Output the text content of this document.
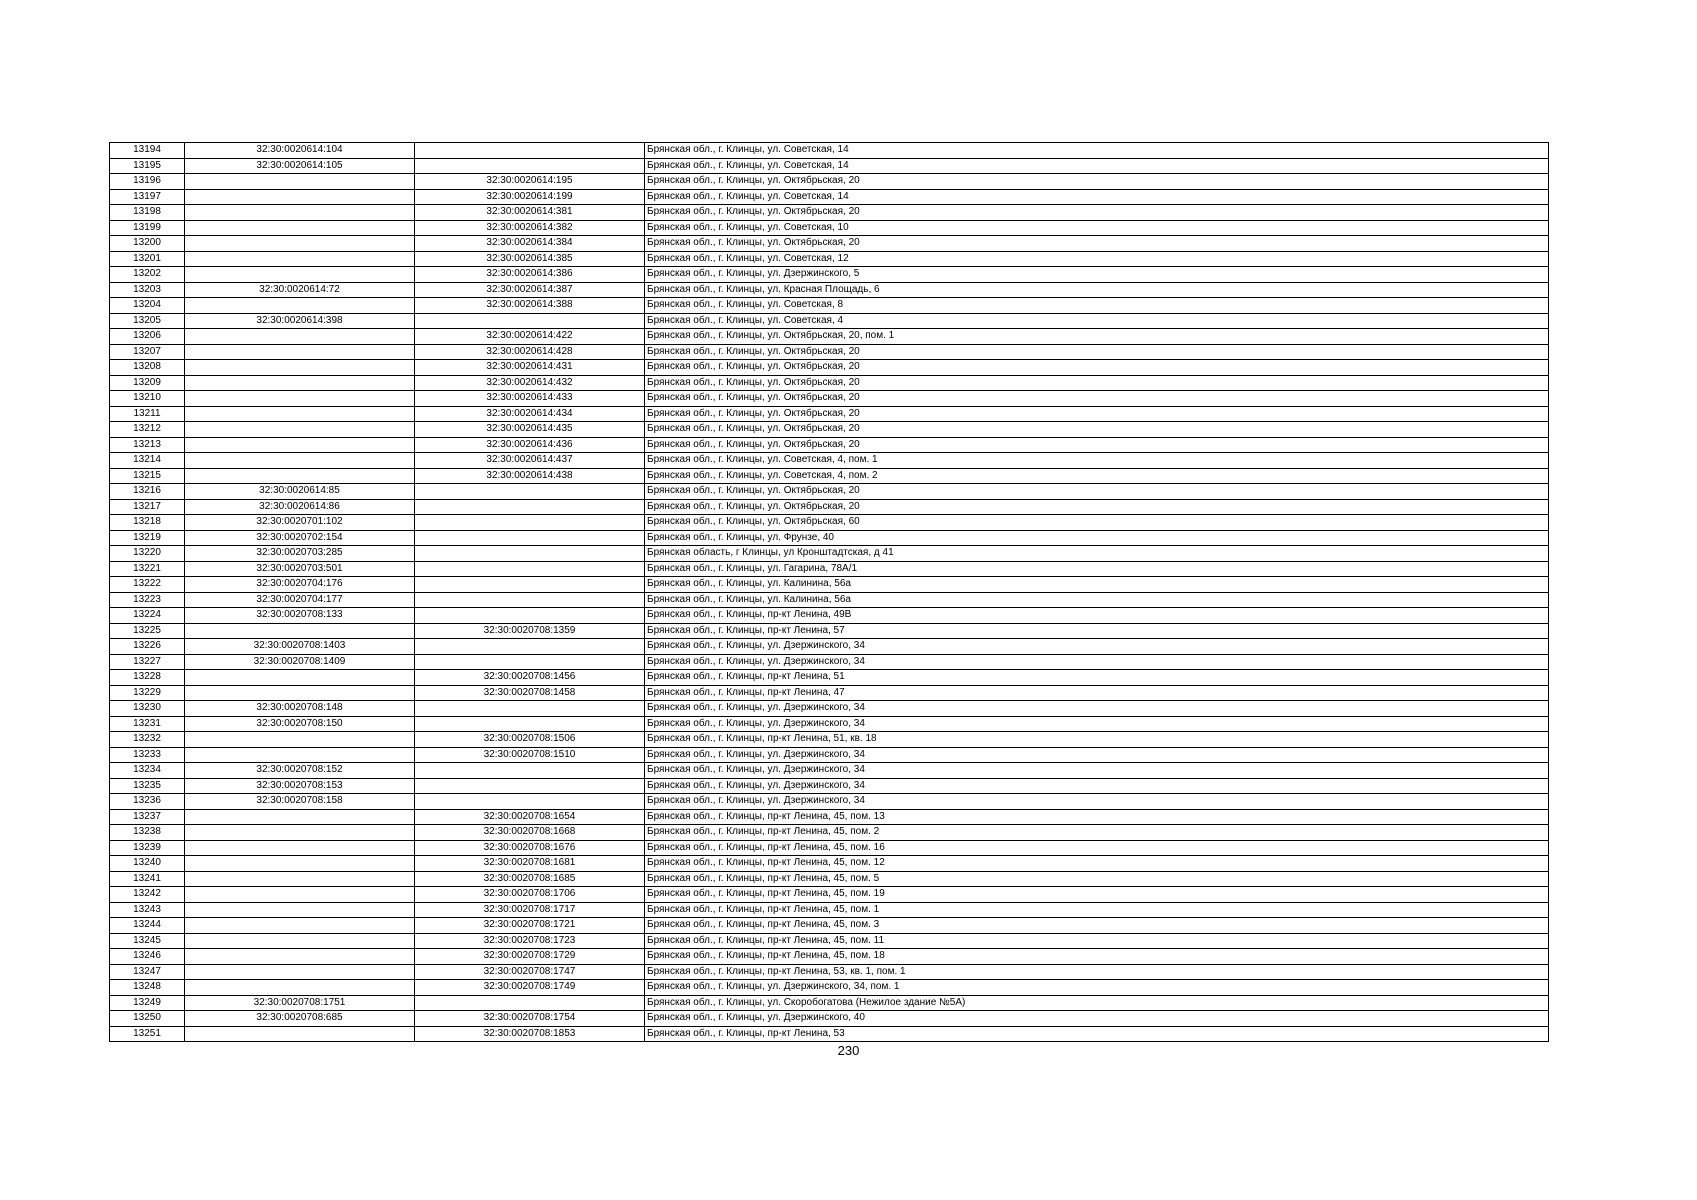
13194	32:30:0020614:104		Брянская обл., г. Клинцы, ул. Советская, 14
13195	32:30:0020614:105		Брянская обл., г. Клинцы, ул. Советская, 14
13196		32:30:0020614:195	Брянская обл., г. Клинцы, ул. Октябрьская, 20
13197		32:30:0020614:199	Брянская обл., г. Клинцы, ул. Советская, 14
13198		32:30:0020614:381	Брянская обл., г. Клинцы, ул. Октябрьская, 20
13199		32:30:0020614:382	Брянская обл., г. Клинцы, ул. Советская, 10
13200		32:30:0020614:384	Брянская обл., г. Клинцы, ул. Октябрьская, 20
13201		32:30:0020614:385	Брянская обл., г. Клинцы, ул. Советская, 12
13202		32:30:0020614:386	Брянская обл., г. Клинцы, ул. Дзержинского, 5
13203	32:30:0020614:72	32:30:0020614:387	Брянская обл., г. Клинцы, ул. Красная Площадь, 6
13204		32:30:0020614:388	Брянская обл., г. Клинцы, ул. Советская, 8
13205	32:30:0020614:398		Брянская обл., г. Клинцы, ул. Советская, 4
13206		32:30:0020614:422	Брянская обл., г. Клинцы, ул. Октябрьская, 20, пом. 1
13207		32:30:0020614:428	Брянская обл., г. Клинцы, ул. Октябрьская, 20
13208		32:30:0020614:431	Брянская обл., г. Клинцы, ул. Октябрьская, 20
13209		32:30:0020614:432	Брянская обл., г. Клинцы, ул. Октябрьская, 20
13210		32:30:0020614:433	Брянская обл., г. Клинцы, ул. Октябрьская, 20
13211		32:30:0020614:434	Брянская обл., г. Клинцы, ул. Октябрьская, 20
13212		32:30:0020614:435	Брянская обл., г. Клинцы, ул. Октябрьская, 20
13213		32:30:0020614:436	Брянская обл., г. Клинцы, ул. Октябрьская, 20
13214		32:30:0020614:437	Брянская обл., г. Клинцы, ул. Советская, 4, пом. 1
13215		32:30:0020614:438	Брянская обл., г. Клинцы, ул. Советская, 4, пом. 2
13216	32:30:0020614:85		Брянская обл., г. Клинцы, ул. Октябрьская, 20
13217	32:30:0020614:86		Брянская обл., г. Клинцы, ул. Октябрьская, 20
13218	32:30:0020701:102		Брянская обл., г. Клинцы, ул. Октябрьская, 60
13219	32:30:0020702:154		Брянская обл., г. Клинцы, ул. Фрунзе, 40
13220	32:30:0020703:285		Брянская область, г Клинцы, ул Кронштадтская, д 41
13221	32:30:0020703:501		Брянская обл., г. Клинцы, ул. Гагарина, 78А/1
13222	32:30:0020704:176		Брянская обл., г. Клинцы, ул. Калинина, 56а
13223	32:30:0020704:177		Брянская обл., г. Клинцы, ул. Калинина, 56а
13224	32:30:0020708:133		Брянская обл., г. Клинцы, пр-кт Ленина, 49В
13225		32:30:0020708:1359	Брянская обл., г. Клинцы, пр-кт Ленина, 57
13226	32:30:0020708:1403		Брянская обл., г. Клинцы, ул. Дзержинского, 34
13227	32:30:0020708:1409		Брянская обл., г. Клинцы, ул. Дзержинского, 34
13228		32:30:0020708:1456	Брянская обл., г. Клинцы, пр-кт Ленина, 51
13229		32:30:0020708:1458	Брянская обл., г. Клинцы, пр-кт Ленина, 47
13230	32:30:0020708:148		Брянская обл., г. Клинцы, ул. Дзержинского, 34
13231	32:30:0020708:150		Брянская обл., г. Клинцы, ул. Дзержинского, 34
13232		32:30:0020708:1506	Брянская обл., г. Клинцы, пр-кт Ленина, 51, кв. 18
13233		32:30:0020708:1510	Брянская обл., г. Клинцы, ул. Дзержинского, 34
13234	32:30:0020708:152		Брянская обл., г. Клинцы, ул. Дзержинского, 34
13235	32:30:0020708:153		Брянская обл., г. Клинцы, ул. Дзержинского, 34
13236	32:30:0020708:158		Брянская обл., г. Клинцы, ул. Дзержинского, 34
13237		32:30:0020708:1654	Брянская обл., г. Клинцы, пр-кт Ленина, 45, пом. 13
13238		32:30:0020708:1668	Брянская обл., г. Клинцы, пр-кт Ленина, 45, пом. 2
13239		32:30:0020708:1676	Брянская обл., г. Клинцы, пр-кт Ленина, 45, пом. 16
13240		32:30:0020708:1681	Брянская обл., г. Клинцы, пр-кт Ленина, 45, пом. 12
13241		32:30:0020708:1685	Брянская обл., г. Клинцы, пр-кт Ленина, 45, пом. 5
13242		32:30:0020708:1706	Брянская обл., г. Клинцы, пр-кт Ленина, 45, пом. 19
13243		32:30:0020708:1717	Брянская обл., г. Клинцы, пр-кт Ленина, 45, пом. 1
13244		32:30:0020708:1721	Брянская обл., г. Клинцы, пр-кт Ленина, 45, пом. 3
13245		32:30:0020708:1723	Брянская обл., г. Клинцы, пр-кт Ленина, 45, пом. 11
13246		32:30:0020708:1729	Брянская обл., г. Клинцы, пр-кт Ленина, 45, пом. 18
13247		32:30:0020708:1747	Брянская обл., г. Клинцы, пр-кт Ленина, 53, кв. 1, пом. 1
13248		32:30:0020708:1749	Брянская обл., г. Клинцы, ул. Дзержинского, 34, пом. 1
13249	32:30:0020708:1751		Брянская обл., г. Клинцы, ул. Скоробогатова (Нежилое здание №5А)
13250	32:30:0020708:685	32:30:0020708:1754	Брянская обл., г. Клинцы, ул. Дзержинского, 40
13251		32:30:0020708:1853	Брянская обл., г. Клинцы, пр-кт Ленина, 53
230
